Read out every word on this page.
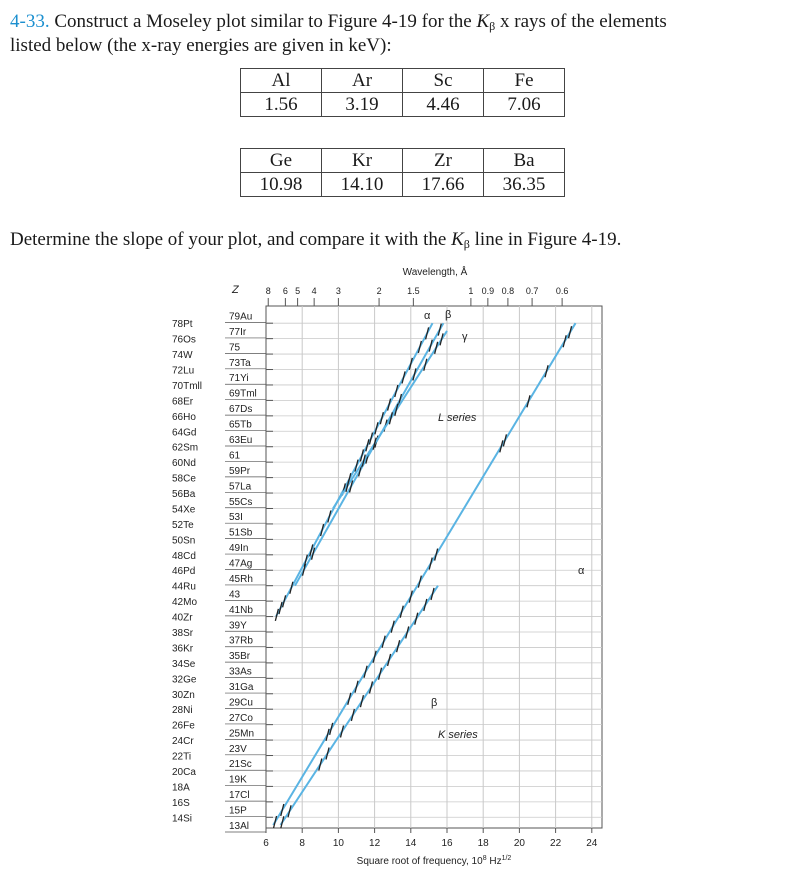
4-33. Construct a Moseley plot similar to Figure 4-19 for the $K_\beta$ x rays of the elements

listed below (the x-ray energies are given in keV):

Al	Ar	Sc	Fe
1.56	3.19	4.46	7.06
Ge	Kr	Zr	Ba
10.98	14.10	17.66	36.35

Determine the slope of your plot, and compare it with the $K_\beta$ line in Figure 4-19.

6	8	10	12	14	16	18	20	22	24
Wavelength, Å
8 6 5 4 3	2	1.5	1 0.9 0.8 0.7 0.6
Z
78Pt
76Os
74W
72Lu
70Tmll
68Er
66Ho
64Gd
62Sm
60Nd
58Ce
56Ba
54Xe
52Te
50Sn
48Cd
46Pd
44Ru
42Mo
40Zr
38Sr
36Kr
34Se
32Ge
30Zn
28Ni
26Fe
24Cr
22Ti
20Ca
18A
16S
14Si
79Au
77Ir
75
73Ta
71Yi
69Tml
67Ds
65Tb
63Eu
61
59Pr
57La
55Cs
53I
51Sb
49In
47Ag
45Rh
43
41Nb
39Y
37Rb
35Br
33As
31Ga
29Cu
27Co
25Mn
23V
21Sc
19K
17Cl
15P
13Al
α β
γ
α
β
L series
K series
Square root of frequency, $10^8$ $Hz^{1/2}$
